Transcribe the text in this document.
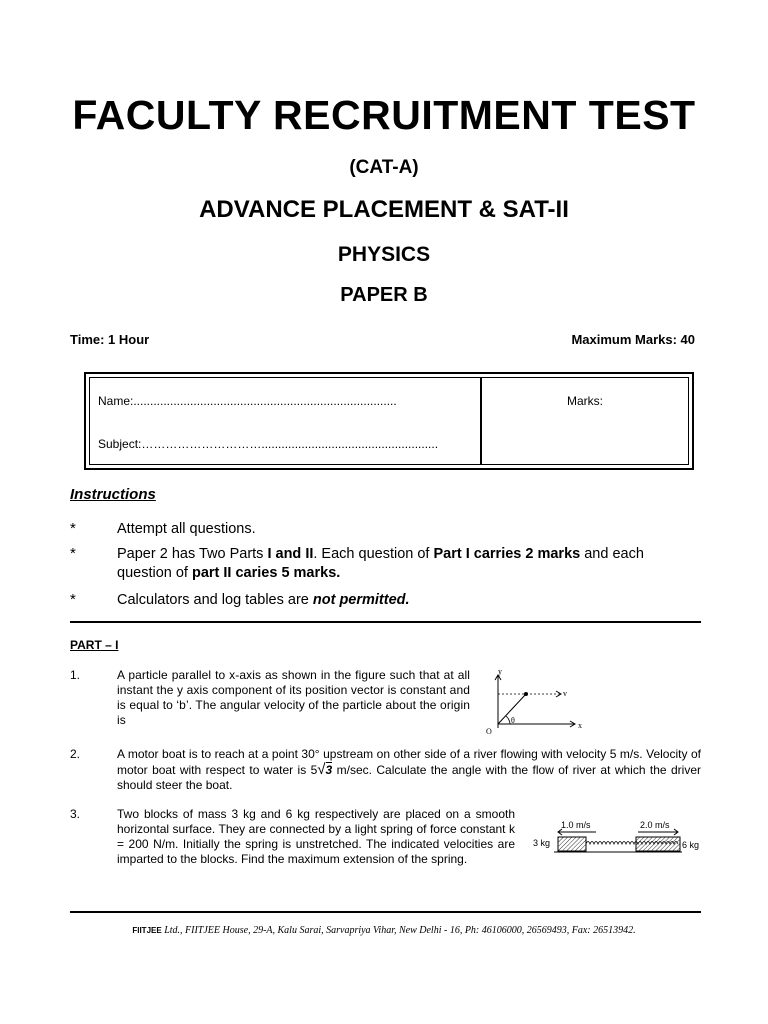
FACULTY RECRUITMENT TEST
(CAT-A)
ADVANCE PLACEMENT & SAT-II
PHYSICS
PAPER B
Time: 1 Hour	Maximum Marks: 40
Name:...............................................................................
Subject:………………………….....................................................
Marks:
Instructions
*	Attempt all questions.
*	Paper 2 has Two Parts I and II. Each question of Part I carries 2 marks and each question of part II caries 5 marks.
*	Calculators and log tables are not permitted.
PART – I
1.	A particle parallel to x-axis as shown in the figure such that at all instant the y axis component of its position vector is constant and is equal to ‘b’. The angular velocity of the particle about the origin is
y
v
x
O
θ
2.	A motor boat is to reach at a point 30° upstream on other side of a river flowing with velocity 5 m/s. Velocity of motor boat with respect to water is 5√3 m/sec. Calculate the angle with the flow of river at which the driver should steer the boat.
3.	Two blocks of mass 3 kg and 6 kg respectively are placed on a smooth horizontal surface. They are connected by a light spring of force constant k = 200 N/m. Initially the spring is unstretched. The indicated velocities are imparted to the blocks. Find the maximum extension of the spring.
1.0 m/s	2.0 m/s
3 kg	6 kg
FIITJEE Ltd., FIITJEE House, 29-A, Kalu Sarai, Sarvapriya Vihar, New Delhi - 16, Ph: 46106000, 26569493, Fax: 26513942.
